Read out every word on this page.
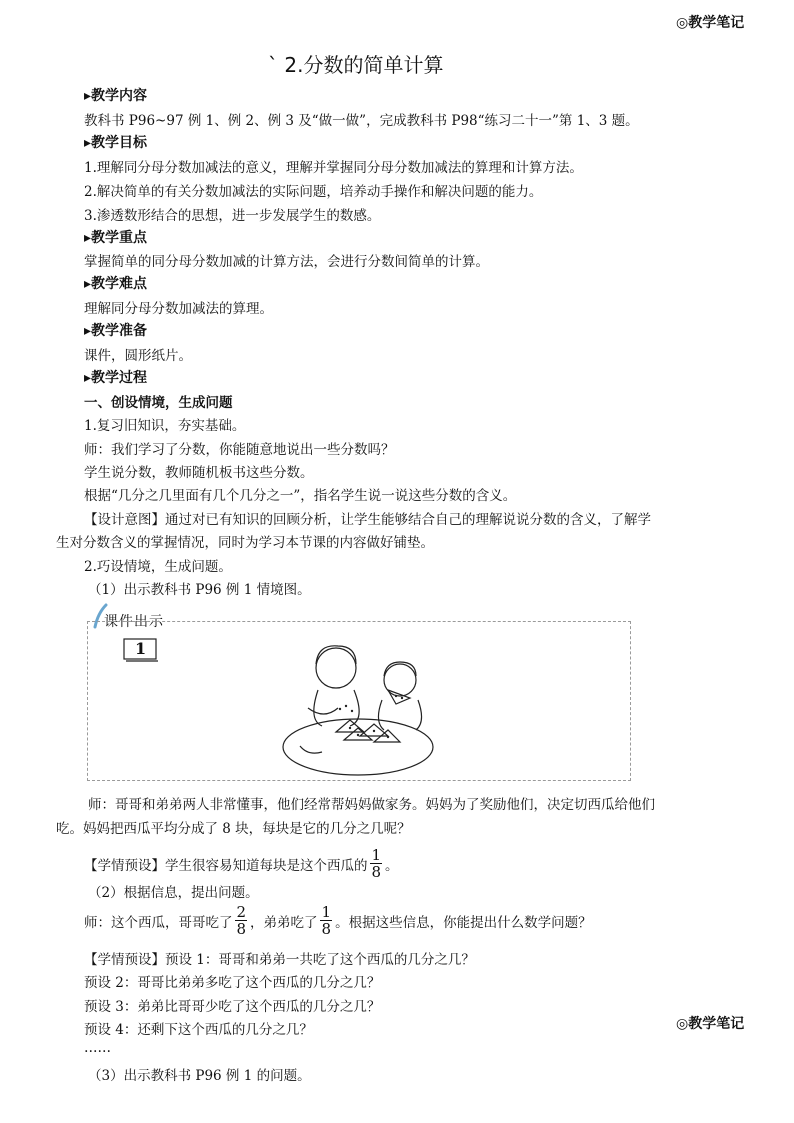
◎教学笔记
` 2.分数的简单计算
▸教学内容
教科书 P96~97 例 1、例 2、例 3 及“做一做”，完成教科书 P98“练习二十一”第 1、3 题。
▸教学目标
1.理解同分母分数加减法的意义，理解并掌握同分母分数加减法的算理和计算方法。
2.解决简单的有关分数加减法的实际问题，培养动手操作和解决问题的能力。
3.渗透数形结合的思想，进一步发展学生的数感。
▸教学重点
掌握简单的同分母分数加减的计算方法，会进行分数间简单的计算。
▸教学难点
理解同分母分数加减法的算理。
▸教学准备
课件，圆形纸片。
▸教学过程
一、创设情境，生成问题
1.复习旧知识，夯实基础。
师：我们学习了分数，你能随意地说出一些分数吗？
学生说分数，教师随机板书这些分数。
根据“几分之几里面有几个几分之一”，指名学生说一说这些分数的含义。
【设计意图】通过对已有知识的回顾分析，让学生能够结合自己的理解说说分数的含义，了解学
生对分数含义的掌握情况，同时为学习本节课的内容做好铺垫。
2.巧设情境，生成问题。
（1）出示教科书 P96 例 1 情境图。
课件出示
1
师：哥哥和弟弟两人非常懂事，他们经常帮妈妈做家务。妈妈为了奖励他们，决定切西瓜给他们
吃。妈妈把西瓜平均分成了 8 块，每块是它的几分之几呢？
【学情预设】学生很容易知道每块是这个西瓜的 $\frac{1}{8}$ 。
（2）根据信息，提出问题。
师：这个西瓜，哥哥吃了 $\frac{2}{8}$ ，弟弟吃了 $\frac{1}{8}$ 。根据这些信息，你能提出什么数学问题？
【学情预设】预设 1：哥哥和弟弟一共吃了这个西瓜的几分之几？
预设 2：哥哥比弟弟多吃了这个西瓜的几分之几？
预设 3：弟弟比哥哥少吃了这个西瓜的几分之几？
预设 4：还剩下这个西瓜的几分之几？	◎教学笔记
……
（3）出示教科书 P96 例 1 的问题。
